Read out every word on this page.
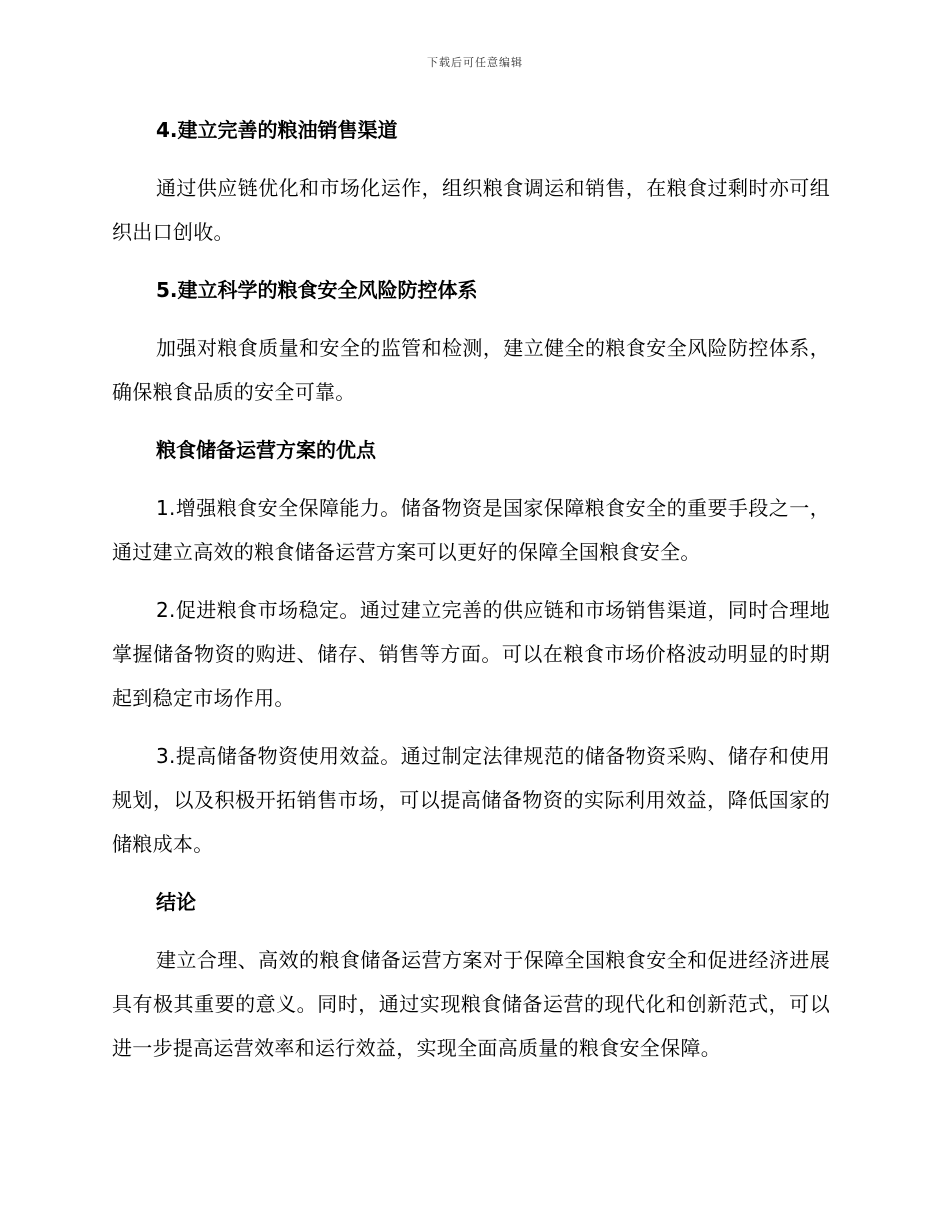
下载后可任意编辑
4.建立完善的粮油销售渠道

通过供应链优化和市场化运作，组织粮食调运和销售，在粮食过剩时亦可组织出口创收。

5.建立科学的粮食安全风险防控体系

加强对粮食质量和安全的监管和检测，建立健全的粮食安全风险防控体系，确保粮食品质的安全可靠。

粮食储备运营方案的优点

1.增强粮食安全保障能力。储备物资是国家保障粮食安全的重要手段之一，通过建立高效的粮食储备运营方案可以更好的保障全国粮食安全。

2.促进粮食市场稳定。通过建立完善的供应链和市场销售渠道，同时合理地掌握储备物资的购进、储存、销售等方面。可以在粮食市场价格波动明显的时期起到稳定市场作用。

3.提高储备物资使用效益。通过制定法律规范的储备物资采购、储存和使用规划，以及积极开拓销售市场，可以提高储备物资的实际利用效益，降低国家的储粮成本。

结论

建立合理、高效的粮食储备运营方案对于保障全国粮食安全和促进经济进展具有极其重要的意义。同时，通过实现粮食储备运营的现代化和创新范式，可以进一步提高运营效率和运行效益，实现全面高质量的粮食安全保障。
